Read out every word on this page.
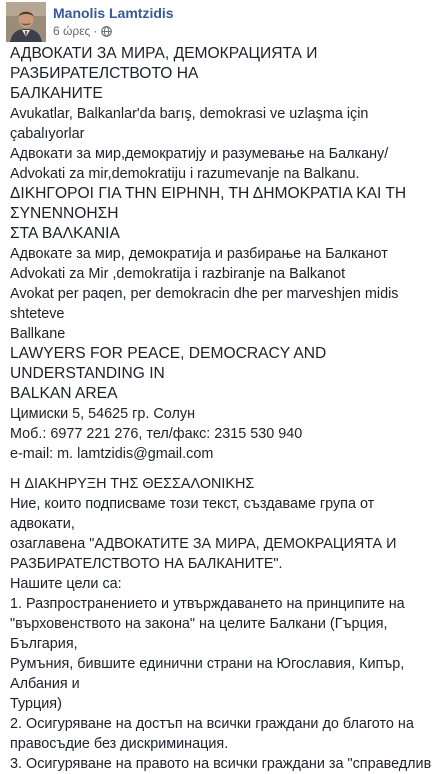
Manolis Lamtzidis
6 ώρες ·

АДВОКАТИ ЗА МИРА, ДЕМОКРАЦИЯТА И РАЗБИРАТЕЛСТВОТО НА

БАЛКАНИТЕ

Avukatlar, Balkanlar'da barış, demokrasi ve uzlaşma için çabalıyorlar

Адвокати за мир,демократију и разумевање на Балкану/

Advokati za mir,demokratiju i razumevanje na Balkanu.

ΔΙΚΗΓΟΡΟΙ ΓΙΑ ΤΗΝ ΕΙΡΗΝΗ, ΤΗ ΔΗΜΟΚΡΑΤΙΑ ΚΑΙ ΤΗ ΣΥΝΕΝΝΟΗΣΗ

ΣΤΑ ΒΑΛΚΑΝΙΑ

Адвокате за мир, демократија и разбирање на Балканот

Advokati za Mir ,demokratija i razbiranje na Balkanot

Avokat per paqen, per demokracin dhe per marveshjen midis shteteve

Ballkane

LAWYERS FOR PEACE, DEMOCRACY AND UNDERSTANDING IN

BALKAN AREA

Цимиски 5, 54625 гр. Солун

Моб.: 6977 221 276, тел/факс: 2315 530 940

e-mail: m. lamtzidis@gmail.com

Н ΔΙΑΚΗΡΥΞΗ ΤΗΣ ΘΕΣΣΑΛΟΝΙΚΗΣ

Ние, които подписваме този текст, създаваме група от адвокати,

озаглавена "АДВОКАТИТЕ ЗА МИРА, ДЕМОКРАЦИЯТА И

РАЗБИРАТЕЛСТВОТО НА БАЛКАНИТЕ".

Нашите цели са:

1. Разпространението и утвърждаването на принципите на

"върховенството на закона" на целите Балкани (Гърция, България,

Румъния, бившите единични страни на Югославия, Кипър, Албания и

Турция)

2. Осигуряване на достъп на всички граждани до благото на

правосъдие без дискриминация.

3. Осигуряване на правото на всички граждани за "справедлив
